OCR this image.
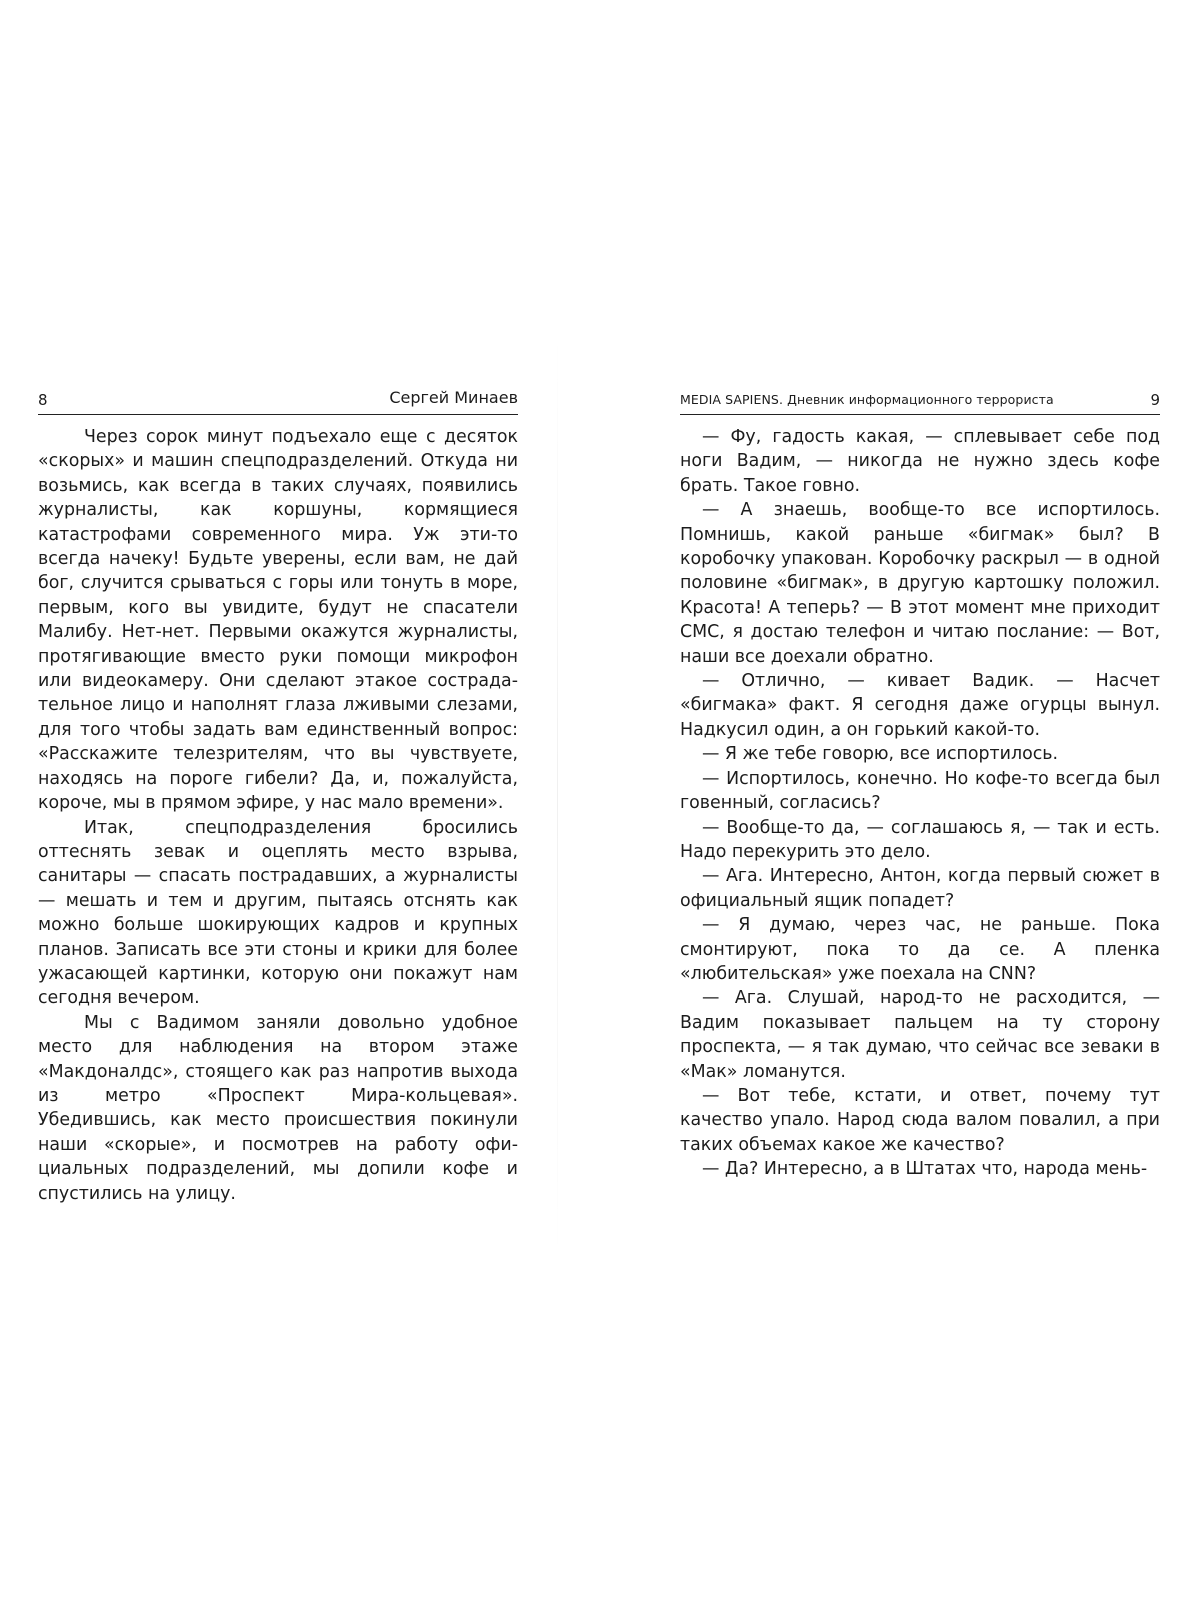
8	Сергей Минаев

Через сорок минут подъехало еще с десяток «скорых» и машин спецподразделений. Откуда ни возьмись, как всегда в таких случаях, появились журналисты, как коршуны, кормящиеся катастрофами современного мира. Уж эти-то всегда начеку! Будьте уверены, если вам, не дай бог, случится срываться с горы или тонуть в море, первым, кого вы увидите, будут не спасатели Малибу. Нет-нет. Первыми окажутся журналисты, протягивающие вместо руки помощи микрофон или видеокамеру. Они сделают этакое сострадательное лицо и наполнят глаза лживыми слезами, для того чтобы задать вам единственный вопрос: «Расскажите телезрителям, что вы чувствуете, находясь на пороге гибели? Да, и, пожалуйста, короче, мы в прямом эфире, у нас мало времени».

Итак, спецподразделения бросились оттеснять зевак и оцеплять место взрыва, санитары — спасать пострадавших, а журналисты — мешать и тем и другим, пытаясь отснять как можно больше шокирующих кадров и крупных планов. Записать все эти стоны и крики для более ужасающей картинки, которую они покажут нам сегодня вечером.

Мы с Вадимом заняли довольно удобное место для наблюдения на втором этаже «Макдоналдс», стоящего как раз напротив выхода из метро «Проспект Мира-кольцевая». Убедившись, как место происшествия покинули наши «скорые», и посмотрев на работу официальных подразделений, мы допили кофе и спустились на улицу.

MEDIA SAPIENS. Дневник информационного террориста	9

— Фу, гадость какая, — сплевывает себе под ноги Вадим, — никогда не нужно здесь кофе брать. Такое говно.

— А знаешь, вообще-то все испортилось. Помнишь, какой раньше «бигмак» был? В коробочку упакован. Коробочку раскрыл — в одной половине «бигмак», в другую картошку положил. Красота! А теперь? — В этот момент мне приходит СМС, я достаю телефон и читаю послание: — Вот, наши все доехали обратно.

— Отлично, — кивает Вадик. — Насчет «бигмака» факт. Я сегодня даже огурцы вынул. Надкусил один, а он горький какой-то.

— Я же тебе говорю, все испортилось.

— Испортилось, конечно. Но кофе-то всегда был говенный, согласись?

— Вообще-то да, — соглашаюсь я, — так и есть. Надо перекурить это дело.

— Ага. Интересно, Антон, когда первый сюжет в официальный ящик попадет?

— Я думаю, через час, не раньше. Пока смонтируют, пока то да се. А пленка «любительская» уже поехала на CNN?

— Ага. Слушай, народ-то не расходится, — Вадим показывает пальцем на ту сторону проспекта, — я так думаю, что сейчас все зеваки в «Мак» ломанутся.

— Вот тебе, кстати, и ответ, почему тут качество упало. Народ сюда валом повалил, а при таких объемах какое же качество?

— Да? Интересно, а в Штатах что, народа мень-
